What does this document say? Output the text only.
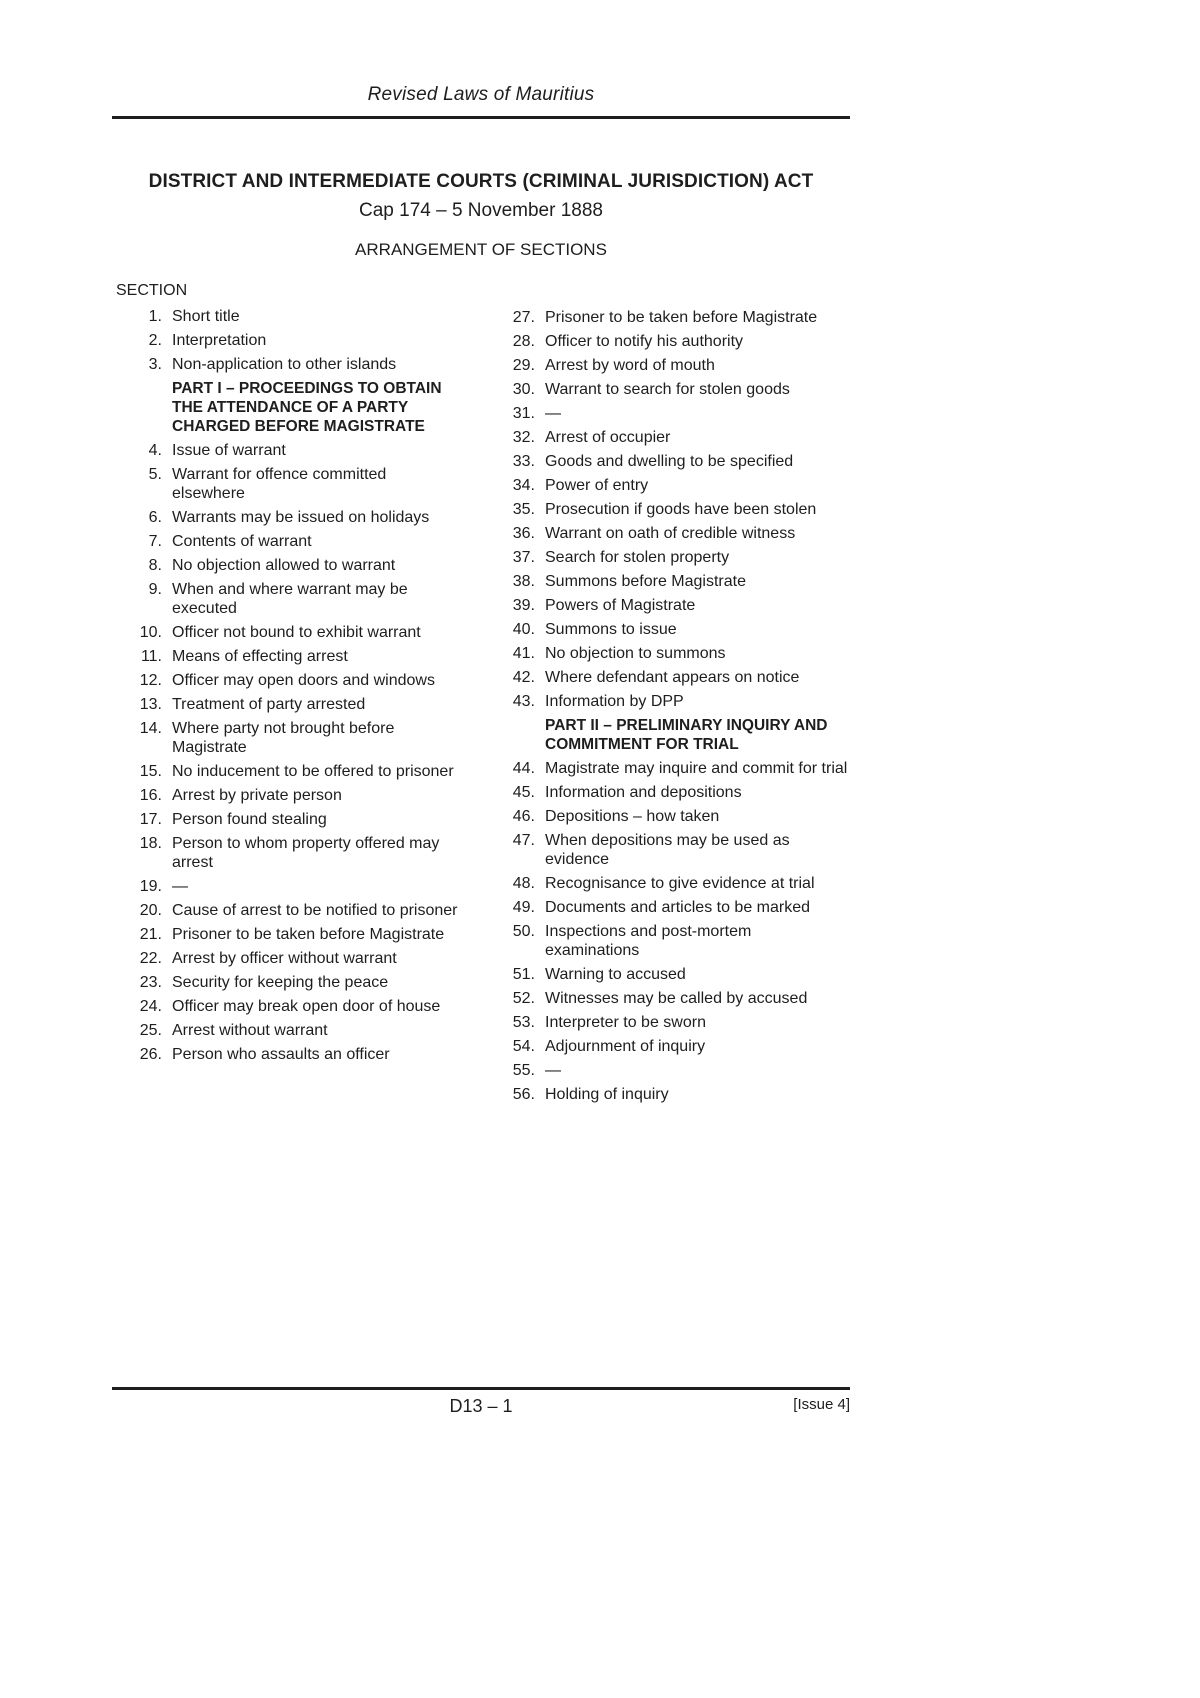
Revised Laws of Mauritius
DISTRICT AND INTERMEDIATE COURTS (CRIMINAL JURISDICTION) ACT
Cap 174 – 5 November 1888
ARRANGEMENT OF SECTIONS
SECTION
1. Short title
2. Interpretation
3. Non-application to other islands
PART I – PROCEEDINGS TO OBTAIN THE ATTENDANCE OF A PARTY CHARGED BEFORE MAGISTRATE
4. Issue of warrant
5. Warrant for offence committed elsewhere
6. Warrants may be issued on holidays
7. Contents of warrant
8. No objection allowed to warrant
9. When and where warrant may be executed
10. Officer not bound to exhibit warrant
11. Means of effecting arrest
12. Officer may open doors and windows
13. Treatment of party arrested
14. Where party not brought before Magistrate
15. No inducement to be offered to prisoner
16. Arrest by private person
17. Person found stealing
18. Person to whom property offered may arrest
19. —
20. Cause of arrest to be notified to prisoner
21. Prisoner to be taken before Magistrate
22. Arrest by officer without warrant
23. Security for keeping the peace
24. Officer may break open door of house
25. Arrest without warrant
26. Person who assaults an officer
27. Prisoner to be taken before Magistrate
28. Officer to notify his authority
29. Arrest by word of mouth
30. Warrant to search for stolen goods
31. —
32. Arrest of occupier
33. Goods and dwelling to be specified
34. Power of entry
35. Prosecution if goods have been stolen
36. Warrant on oath of credible witness
37. Search for stolen property
38. Summons before Magistrate
39. Powers of Magistrate
40. Summons to issue
41. No objection to summons
42. Where defendant appears on notice
43. Information by DPP
PART II – PRELIMINARY INQUIRY AND COMMITMENT FOR TRIAL
44. Magistrate may inquire and commit for trial
45. Information and depositions
46. Depositions – how taken
47. When depositions may be used as evidence
48. Recognisance to give evidence at trial
49. Documents and articles to be marked
50. Inspections and post-mortem examinations
51. Warning to accused
52. Witnesses may be called by accused
53. Interpreter to be sworn
54. Adjournment of inquiry
55. —
56. Holding of inquiry
D13 – 1	[Issue 4]
